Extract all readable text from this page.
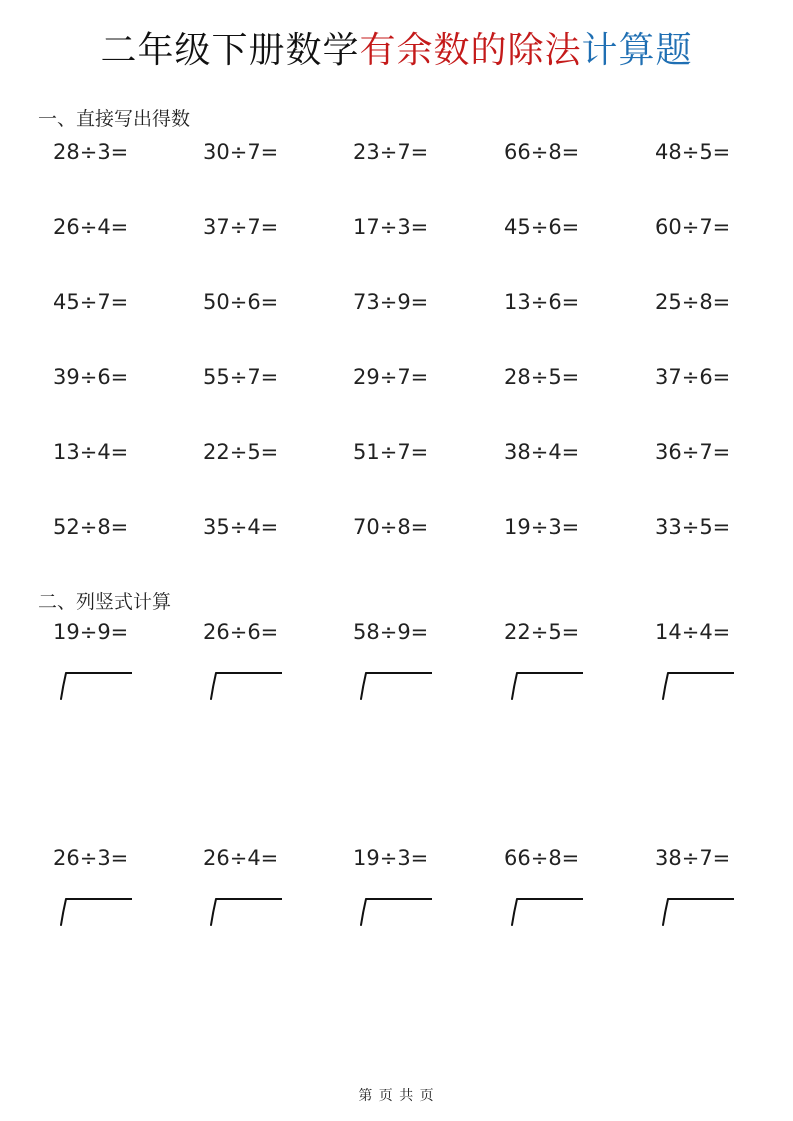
二年级下册数学有余数的除法计算题
一、直接写出得数
28÷3=	30÷7=	23÷7=	66÷8=	48÷5=
26÷4=	37÷7=	17÷3=	45÷6=	60÷7=
45÷7=	50÷6=	73÷9=	13÷6=	25÷8=
39÷6=	55÷7=	29÷7=	28÷5=	37÷6=
13÷4=	22÷5=	51÷7=	38÷4=	36÷7=
52÷8=	35÷4=	70÷8=	19÷3=	33÷5=
二、列竖式计算
19÷9=	26÷6=	58÷9=	22÷5=	14÷4=
26÷3=	26÷4=	19÷3=	66÷8=	38÷7=
第 页 共 页
